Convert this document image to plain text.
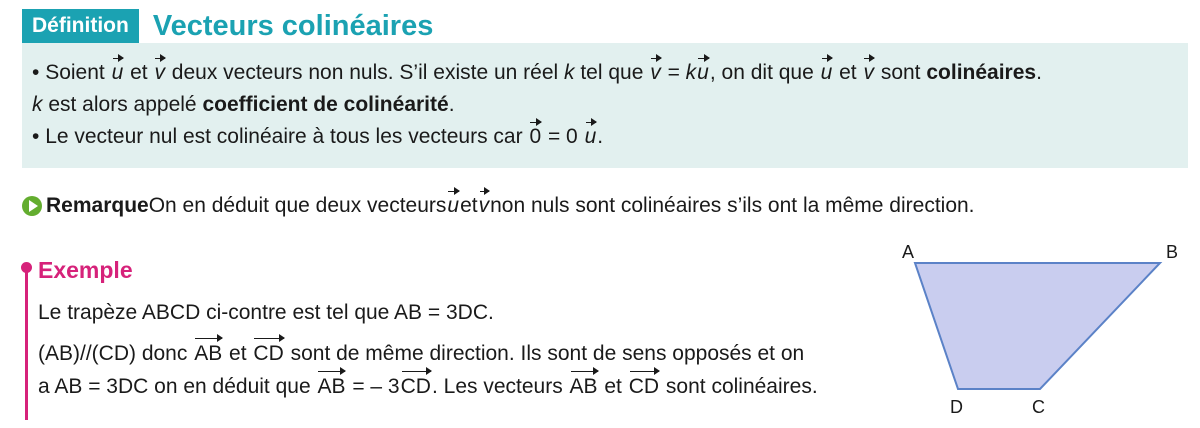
Définition Vecteurs colinéaires
• Soient u et v deux vecteurs non nuls. S’il existe un réel k tel que v = ku, on dit que u et v sont colinéaires.
k est alors appelé coefficient de colinéarité.
• Le vecteur nul est colinéaire à tous les vecteurs car 0 = 0 u.
Remarque On en déduit que deux vecteurs u et v non nuls sont colinéaires s’ils ont la même direction.
Exemple
Le trapèze ABCD ci-contre est tel que AB = 3DC.
(AB)//(CD) donc AB et CD sont de même direction. Ils sont de sens opposés et on
a AB = 3DC on en déduit que AB = – 3CD. Les vecteurs AB et CD sont colinéaires.
A	B
C
D
